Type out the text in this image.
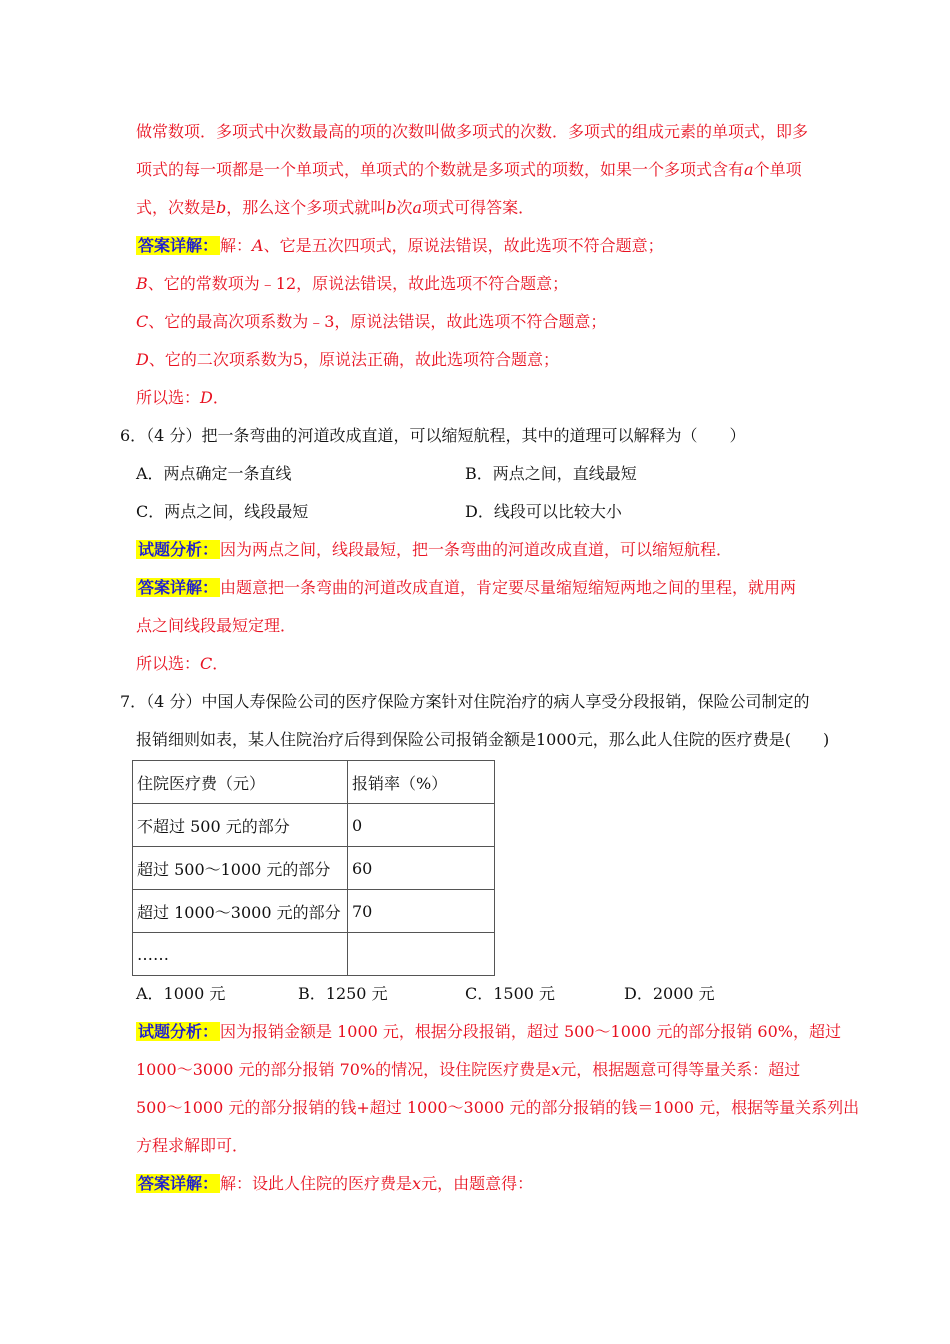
做常数项．多项式中次数最高的项的次数叫做多项式的次数．多项式的组成元素的单项式，即多
项式的每一项都是一个单项式，单项式的个数就是多项式的项数，如果一个多项式含有a个单项
式，次数是b，那么这个多项式就叫b次a项式可得答案．
答案详解： 解：A、它是五次四项式，原说法错误，故此选项不符合题意；
B、它的常数项为﹣12，原说法错误，故此选项不符合题意；
C、它的最高次项系数为﹣3，原说法错误，故此选项不符合题意；
D、它的二次项系数为5，原说法正确，故此选项符合题意；
所以选：D．
6．（4 分）把一条弯曲的河道改成直道，可以缩短航程，其中的道理可以解释为（　　）
A．两点确定一条直线	B．两点之间，直线最短
C．两点之间，线段最短	D．线段可以比较大小
试题分析： 因为两点之间，线段最短，把一条弯曲的河道改成直道，可以缩短航程．
答案详解： 由题意把一条弯曲的河道改成直道，肯定要尽量缩短缩短两地之间的里程，就用两
点之间线段最短定理．
所以选：C．
7．（4 分）中国人寿保险公司的医疗保险方案针对住院治疗的病人享受分段报销，保险公司制定的
报销细则如表，某人住院治疗后得到保险公司报销金额是1000元，那么此人住院的医疗费是(　　)
住院医疗费（元）	报销率（%）
不超过 500 元的部分	0
超过 500～1000 元的部分	60
超过 1000～3000 元的部分	70
……	
A．1000 元	B．1250 元	C．1500 元	D．2000 元
试题分析： 因为报销金额是 1000 元，根据分段报销，超过 500～1000 元的部分报销 60%，超过
1000～3000 元的部分报销 70%的情况，设住院医疗费是x元，根据题意可得等量关系：超过
500～1000 元的部分报销的钱+超过 1000～3000 元的部分报销的钱＝1000 元，根据等量关系列出
方程求解即可．
答案详解： 解：设此人住院的医疗费是x元，由题意得：
